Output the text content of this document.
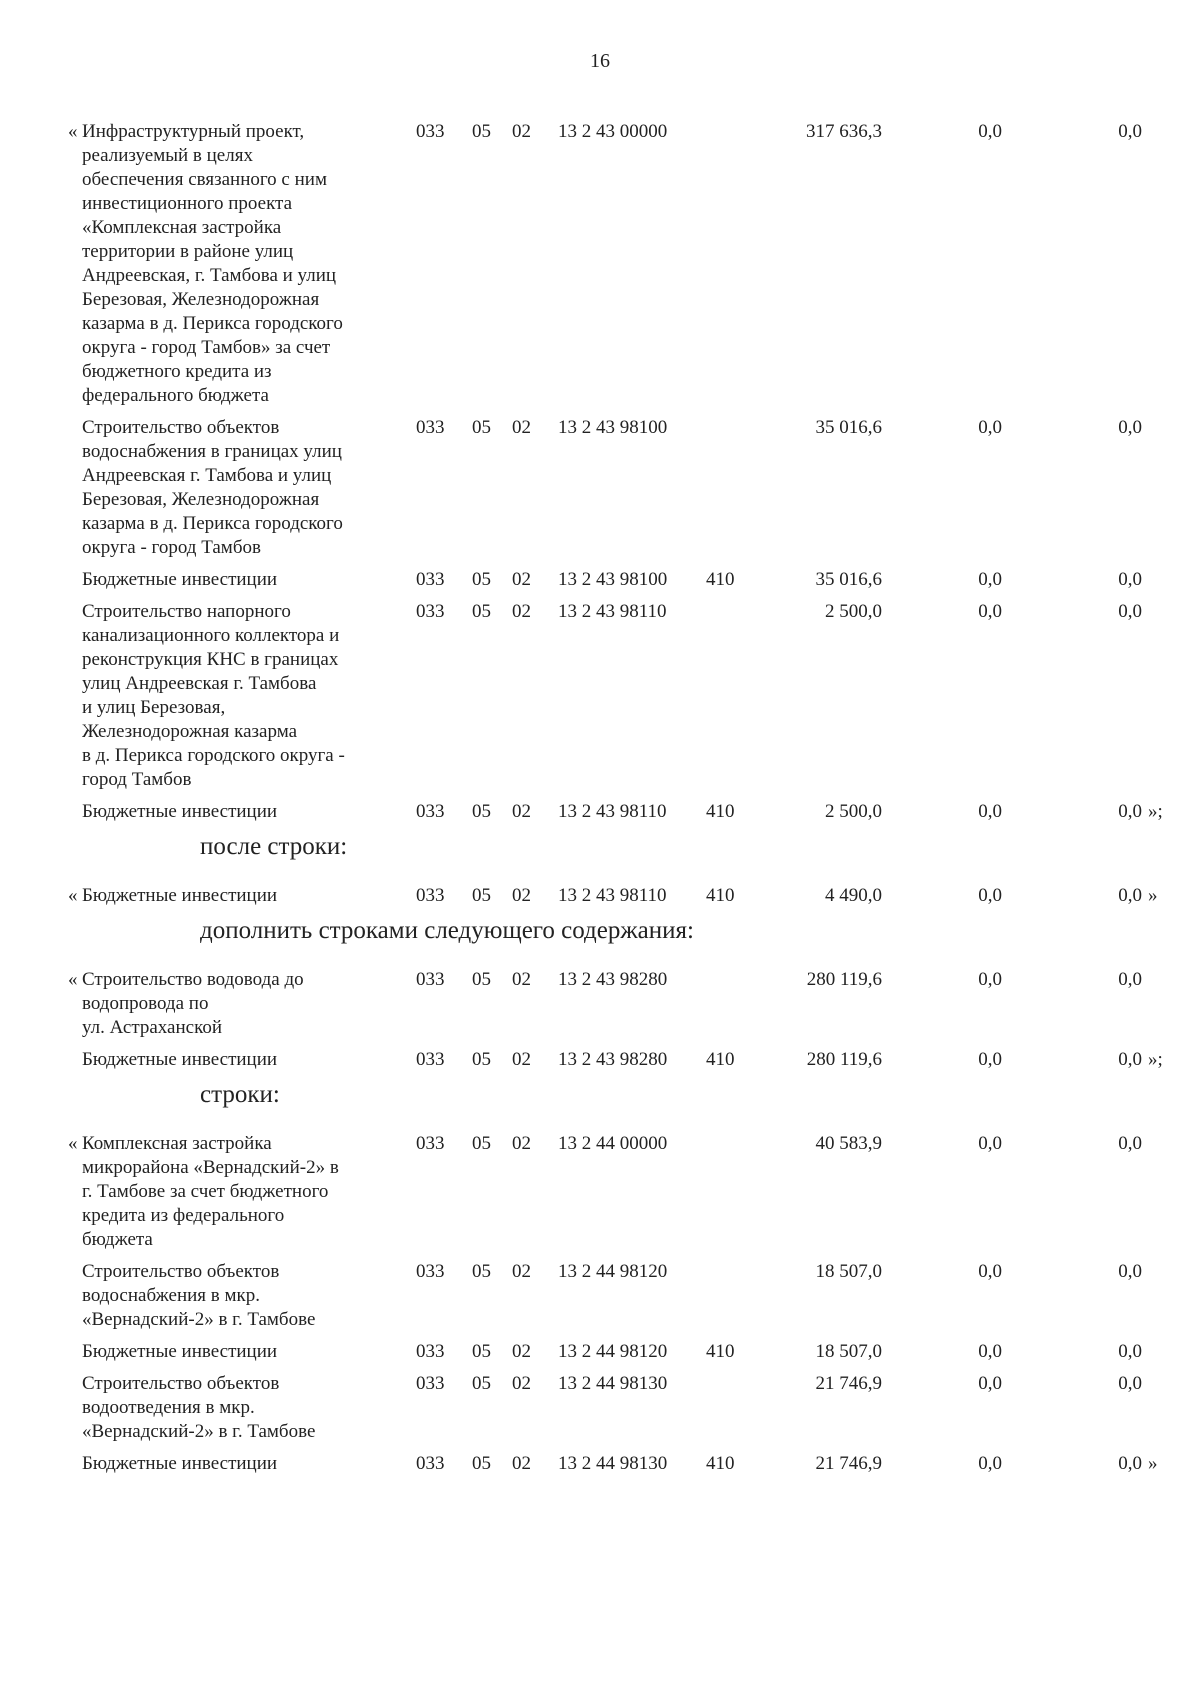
16
« Инфраструктурный проект,
реализуемый в целях
обеспечения связанного с ним
инвестиционного проекта
«Комплексная застройка
территории в районе улиц
Андреевская, г. Тамбова и улиц
Березовая, Железнодорожная
казарма в д. Перикса городского
округа - город Тамбов» за счет
бюджетного кредита из
федерального бюджета
033 05 02 13 2 43 00000	317 636,3	0,0	0,0
Строительство объектов
водоснабжения в границах улиц
Андреевская г. Тамбова и улиц
Березовая, Железнодорожная
казарма в д. Перикса городского
округа - город Тамбов
033 05 02 13 2 43 98100	35 016,6	0,0	0,0
Бюджетные инвестиции	033 05 02 13 2 43 98100 410	35 016,6	0,0	0,0
Строительство напорного
канализационного коллектора и
реконструкция КНС в границах
улиц Андреевская г. Тамбова
и улиц Березовая,
Железнодорожная казарма
в д. Перикса городского округа -
город Тамбов
033 05 02 13 2 43 98110	2 500,0	0,0	0,0
Бюджетные инвестиции	033 05 02 13 2 43 98110 410	2 500,0	0,0	0,0 »;
после строки:
« Бюджетные инвестиции	033 05 02 13 2 43 98110 410	4 490,0	0,0	0,0 »
дополнить строками следующего содержания:
« Строительство водовода до
водопровода по
ул. Астраханской
033 05 02 13 2 43 98280	280 119,6	0,0	0,0
Бюджетные инвестиции	033 05 02 13 2 43 98280 410	280 119,6	0,0	0,0 »;
строки:
« Комплексная застройка
микрорайона «Вернадский-2» в
г. Тамбове за счет бюджетного
кредита из федерального
бюджета
033 05 02 13 2 44 00000	40 583,9	0,0	0,0
Строительство объектов
водоснабжения в мкр.
«Вернадский-2» в г. Тамбове
033 05 02 13 2 44 98120	18 507,0	0,0	0,0
Бюджетные инвестиции	033 05 02 13 2 44 98120 410	18 507,0	0,0	0,0
Строительство объектов
водоотведения в мкр.
«Вернадский-2» в г. Тамбове
033 05 02 13 2 44 98130	21 746,9	0,0	0,0
Бюджетные инвестиции	033 05 02 13 2 44 98130 410	21 746,9	0,0	0,0 »
